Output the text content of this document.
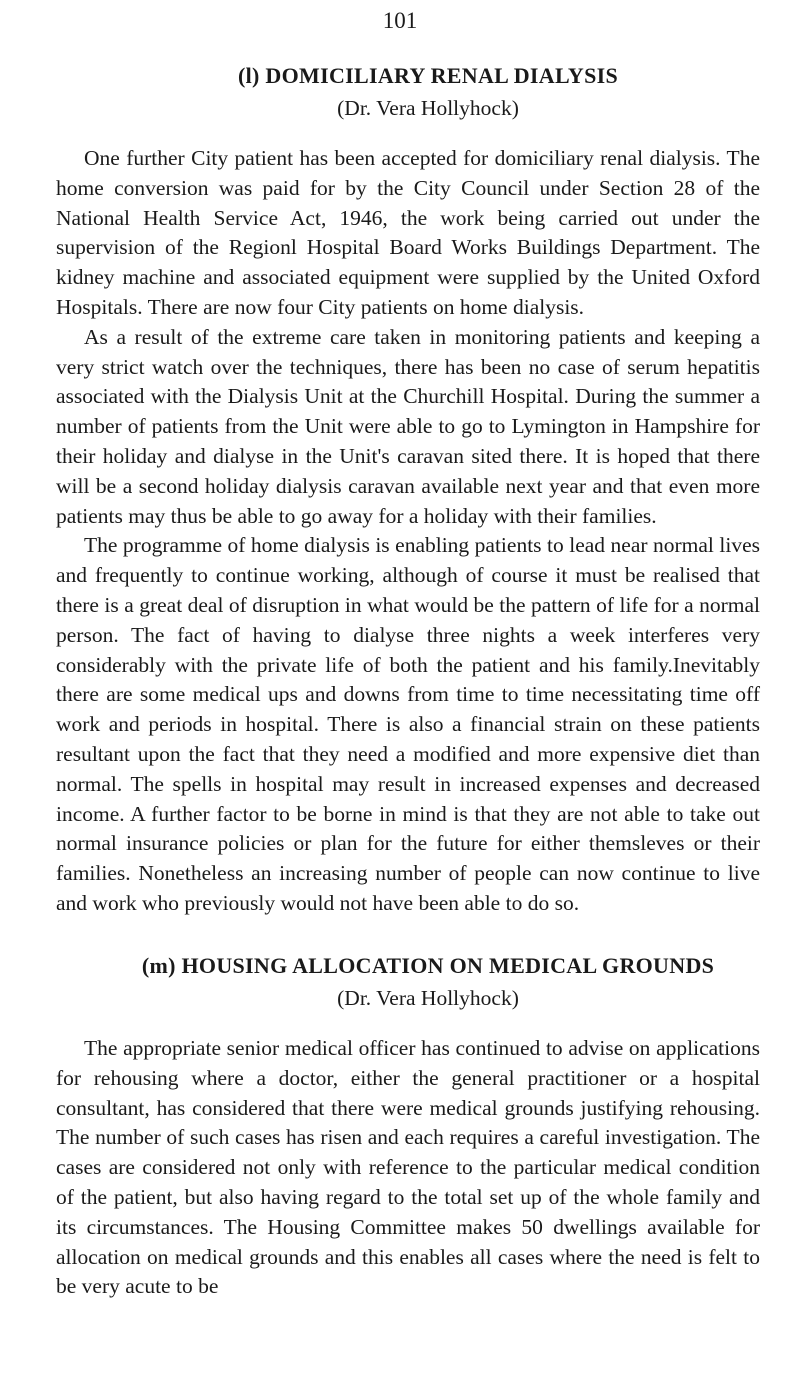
101
(l) DOMICILIARY RENAL DIALYSIS
(Dr. Vera Hollyhock)

One further City patient has been accepted for domiciliary renal dialysis. The home conversion was paid for by the City Council under Section 28 of the National Health Service Act, 1946, the work being carried out under the supervision of the Regionl Hospital Board Works Buildings Department. The kidney machine and associated equipment were supplied by the United Oxford Hospitals. There are now four City patients on home dialysis.

As a result of the extreme care taken in monitoring patients and keeping a very strict watch over the techniques, there has been no case of serum hepatitis associated with the Dialysis Unit at the Churchill Hospital. During the summer a number of patients from the Unit were able to go to Lymington in Hampshire for their holiday and dialyse in the Unit's caravan sited there. It is hoped that there will be a second holiday dialysis caravan available next year and that even more patients may thus be able to go away for a holiday with their families.

The programme of home dialysis is enabling patients to lead near normal lives and frequently to continue working, although of course it must be realised that there is a great deal of disruption in what would be the pattern of life for a normal person. The fact of having to dialyse three nights a week interferes very considerably with the private life of both the patient and his family.Inevitably there are some medical ups and downs from time to time necessitating time off work and periods in hospital. There is also a financial strain on these patients resultant upon the fact that they need a modified and more expensive diet than normal. The spells in hospital may result in increased expenses and decreased income. A further factor to be borne in mind is that they are not able to take out normal insurance policies or plan for the future for either themsleves or their families. Nonetheless an increasing number of people can now continue to live and work who previously would not have been able to do so.

(m) HOUSING ALLOCATION ON MEDICAL GROUNDS
(Dr. Vera Hollyhock)

The appropriate senior medical officer has continued to advise on applications for rehousing where a doctor, either the general practitioner or a hospital consultant, has considered that there were medical grounds justifying rehousing. The number of such cases has risen and each requires a careful investigation. The cases are considered not only with reference to the particular medical condition of the patient, but also having regard to the total set up of the whole family and its circumstances. The Housing Committee makes 50 dwellings available for allocation on medical grounds and this enables all cases where the need is felt to be very acute to be
